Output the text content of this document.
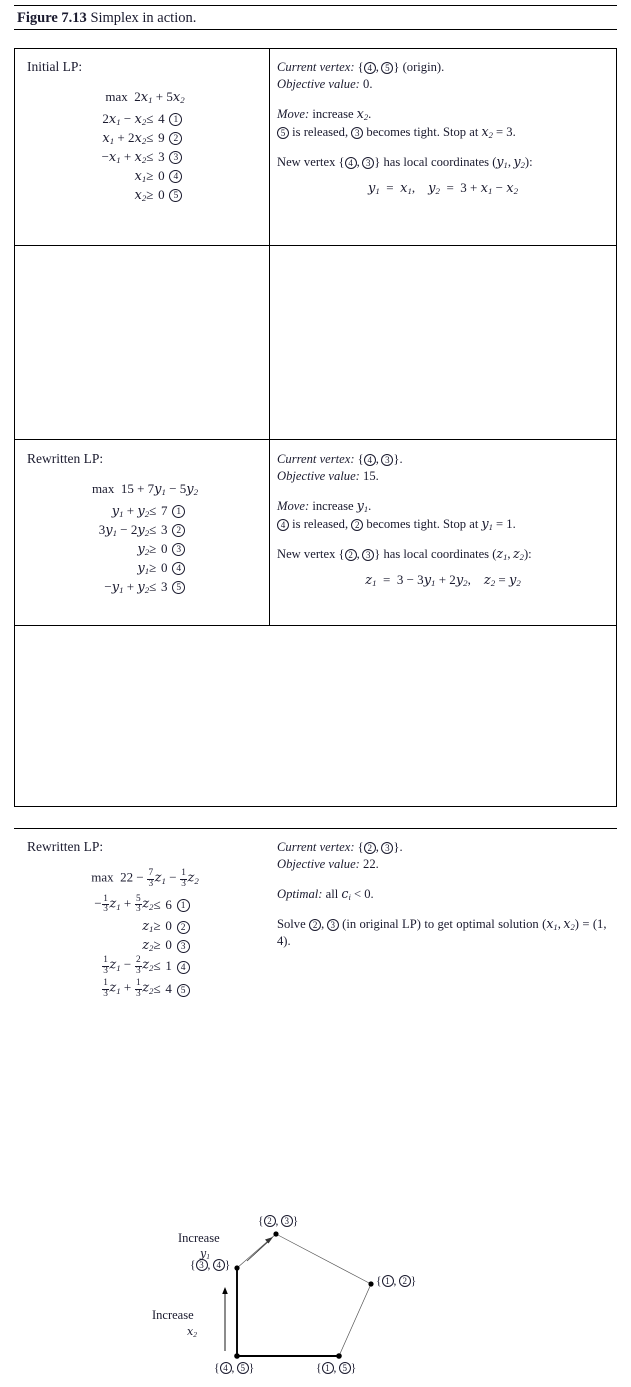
Figure 7.13 Simplex in action.
Initial LP:
$\max 2x_1 + 5x_2$
$2x_1 - x_2$	≤	4	1
$x_1 + 2x_2$	≤	9	2
$-x_1 + x_2$	≤	3	3
$x_1$	≥	0	4
$x_2$	≥	0	5

Current vertex: { 4 , 5 } (origin).

Objective value: 0.

Move: increase $x_2$.

5 is released, 3 becomes tight. Stop at $x_2 = 3$.

New vertex { 4 , 3 } has local coordinates ($y_1$, $y_2$):

$y_1 = x_1$,    $y_2 = 3 + x_1 - x_2$
Rewritten LP:
$\max 15 + 7y_1 - 5y_2$
$y_1 + y_2$	≤	7	1
$3y_1 - 2y_2$	≤	3	2
$y_2$	≥	0	3
$y_1$	≥	0	4
$-y_1 + y_2$	≤	3	5

Current vertex: { 4 , 3 }.

Objective value: 15.

Move: increase $y_1$.

4 is released, 2 becomes tight. Stop at $y_1 = 1$.

New vertex { 2 , 3 } has local coordinates ($z_1$, $z_2$):

$z_1 = 3 - 3y_1 + 2y_2$,    $z_2 = y_2$
Rewritten LP:
$\max 22 - \frac{7}{3} z_1 - \frac{1}{3} z_2$
− $\frac{1}{3} z_1 + \frac{5}{3} z_2$	≤	6	1
$z_1$	≥	0	2
$z_2$	≥	0	3

$\frac{1}{3} z_1 - \frac{2}{3} z_2$	≤	1	4

$\frac{1}{3} z_1 + \frac{1}{3} z_2$	≤	4	5

Current vertex: { 2 , 3 }.

Objective value: 22.

Optimal: all $c_i < 0$.

Solve 2 , 3 (in original LP) to get optimal solution ($x_1$, $x_2) = (1$, 4).

{ 2 , 3 }
{ 3 , 4 }
{ 1 , 2 }
{ 4 , 5 }	{ 1 , 5 }
Increase
$y_1$
Increase
$x_2$
